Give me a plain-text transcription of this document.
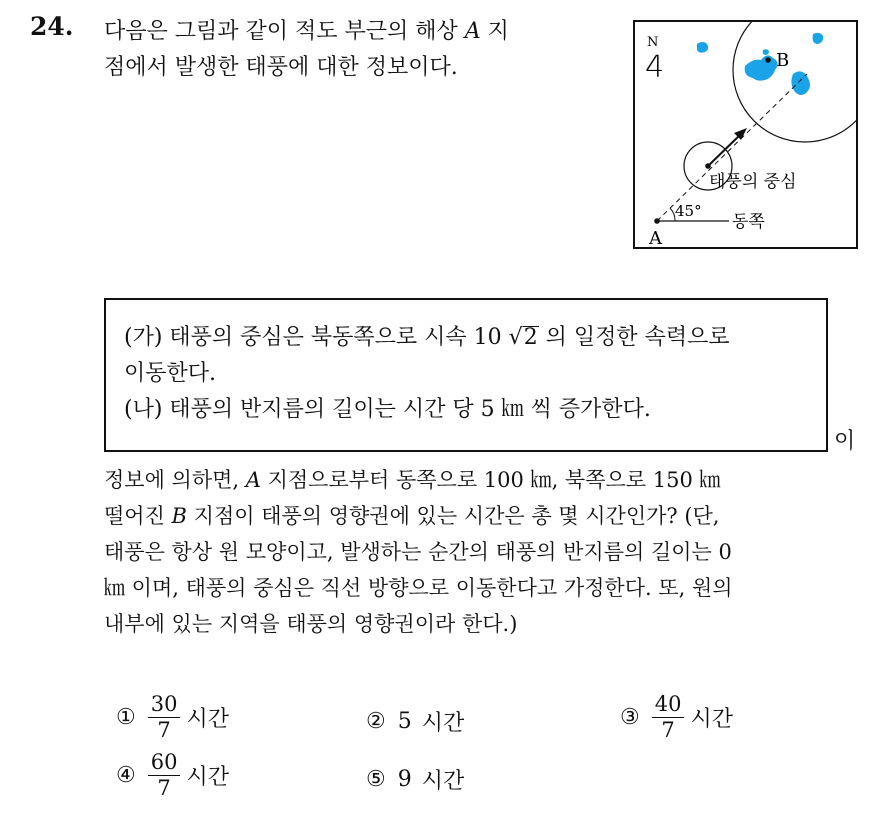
24. 다음은 그림과 같이 적도 부근의 해상 A 지
점에서 발생한 태풍에 대한 정보이다.
N
4	B
태풍의 중심
45°
동쪽
A
(가) 태풍의 중심은 북동쪽으로 시속 10 √2 의 일정한 속력으로
이동한다.
(나) 태풍의 반지름의 길이는 시간 당 5 ㎞ 씩 증가한다.
이
정보에 의하면, A 지점으로부터 동쪽으로 100 ㎞, 북쪽으로 150 ㎞
떨어진 B 지점이 태풍의 영향권에 있는 시간은 총 몇 시간인가? (단,
태풍은 항상 원 모양이고, 발생하는 순간의 태풍의 반지름의 길이는 0
㎞ 이며, 태풍의 중심은 직선 방향으로 이동한다고 가정한다. 또, 원의
내부에 있는 지역을 태풍의 영향권이라 한다.)
① $\frac{30}{7}$ 시간	② 5 시간	③ $\frac{40}{7}$ 시간
④ $\frac{60}{7}$ 시간	⑤ 9 시간
